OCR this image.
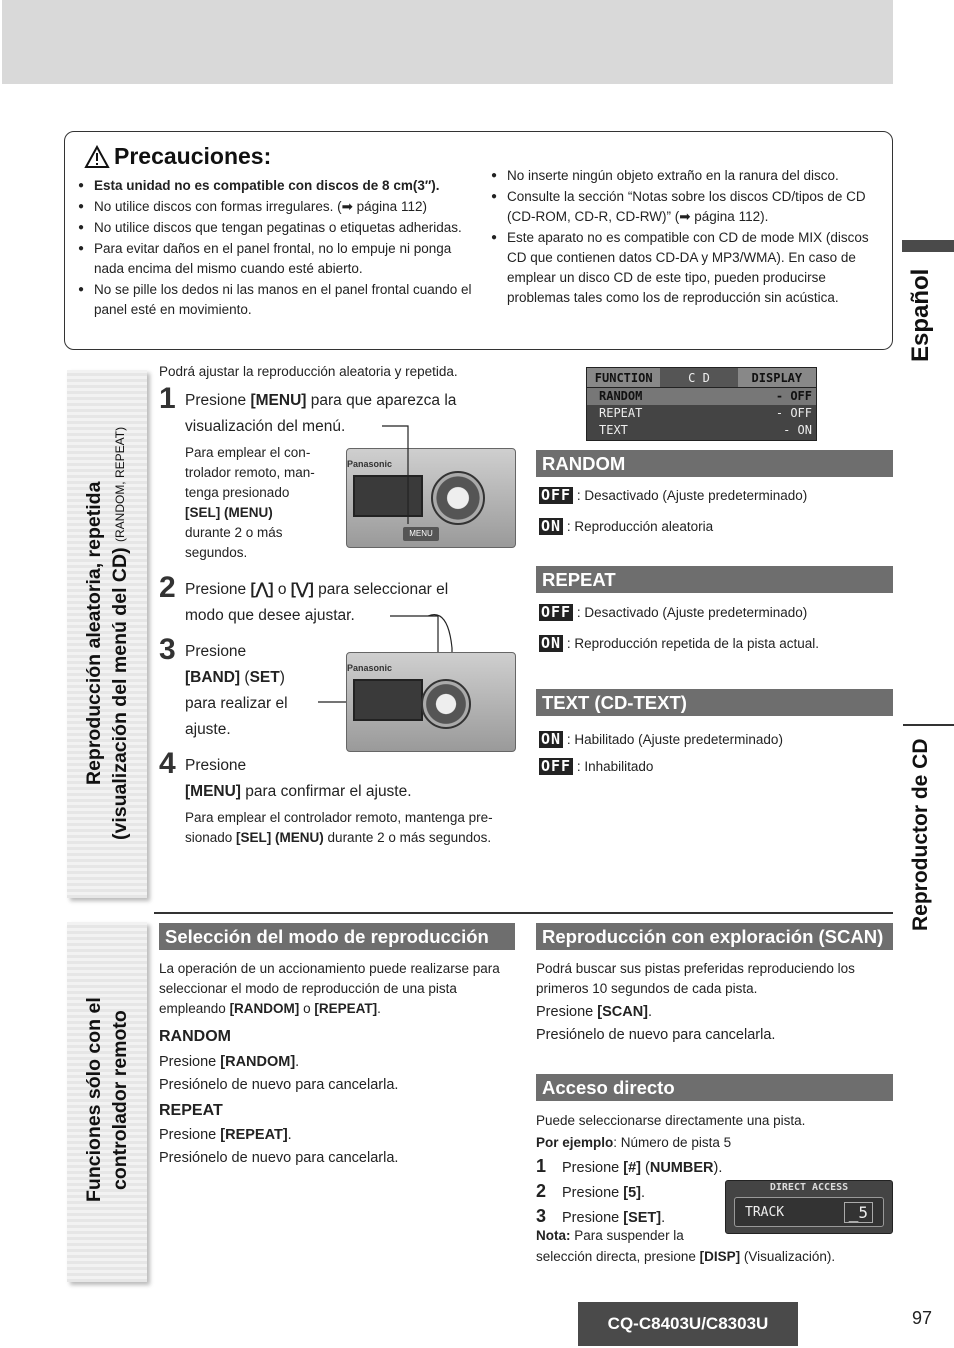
Precauciones:
● Esta unidad no es compatible con discos de 8 cm(3″).
● No utilice discos con formas irregulares. (➡ página 112)
● No utilice discos que tengan pegatinas o etiquetas adheridas.
● Para evitar daños en el panel frontal, no lo empuje ni ponga nada encima del mismo cuando esté abierto.
● No se pille los dedos ni las manos en el panel frontal cuando el panel esté en movimiento.
● No inserte ningún objeto extraño en la ranura del disco.
● Consulte la sección “Notas sobre los discos CD/tipos de CD (CD-ROM, CD-R, CD-RW)” (➡ página 112).
● Este aparato no es compatible con CD de mode MIX (discos CD que contienen datos CD-DA y MP3/WMA). En caso de emplear un disco CD de este tipo, pueden producirse problemas tales como los de reproducción sin acústica.	Español
Reproductor de CD
Reproducción aleatoria, repetida (visualización del menú del CD) (RANDOM, REPEAT)
Podrá ajustar la reproducción aleatoria y repetida.
1 Presione [MENU] para que aparezca la visualización del menú.
Para emplear el con-
trolador remoto, man-
tenga presionado
[SEL] (MENU)
durante 2 o más
segundos.
Panasonic
MENU
2 Presione [⋀] o [⋁] para seleccionar el
modo que desee ajustar.
3 Presione
[BAND] (SET)
para realizar el
ajuste.
Panasonic
4 Presione
[MENU] para confirmar el ajuste.
Para emplear el controlador remoto, mantenga pre-
sionado [SEL] (MENU) durante 2 o más segundos.
FUNCTION	C D	DISPLAY
RANDOM	- OFF
REPEAT	- OFF
TEXT	- ON
RANDOM
OFF : Desactivado (Ajuste predeterminado)
ON : Reproducción aleatoria
REPEAT
OFF : Desactivado (Ajuste predeterminado)
ON : Reproducción repetida de la pista actual.
TEXT (CD-TEXT)
ON : Habilitado (Ajuste predeterminado)
OFF : Inhabilitado
Funciones sólo con el controlador remoto
Selección del modo de reproducción
La operación de un accionamiento puede realizarse para seleccionar el modo de reproducción de una pista empleando [RANDOM] o [REPEAT].
RANDOM
Presione [RANDOM].
Presiónelo de nuevo para cancelarla.
REPEAT
Presione [REPEAT].
Presiónelo de nuevo para cancelarla.
Reproducción con exploración (SCAN)
Podrá buscar sus pistas preferidas reproduciendo los primeros 10 segundos de cada pista.
Presione [SCAN].
Presiónelo de nuevo para cancelarla.
Acceso directo
Puede seleccionarse directamente una pista.
Por ejemplo: Número de pista 5
1 Presione [#] (NUMBER).
2 Presione [5].
3 Presione [SET].
Nota: Para suspender la
selección directa, presione [DISP] (Visualización).
DIRECT ACCESS
TRACK	_5
CQ-C8403U/C8303U	97
